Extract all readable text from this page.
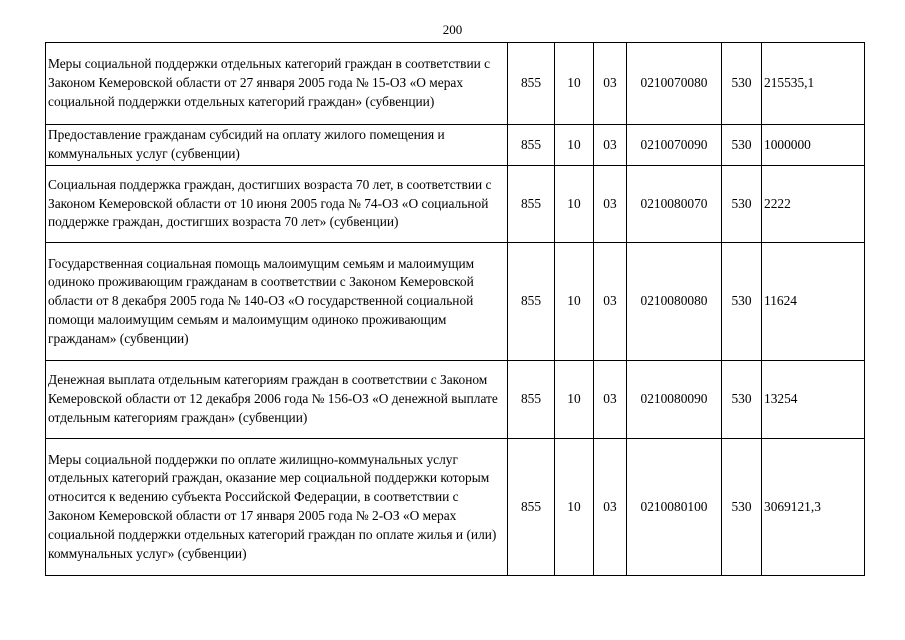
200
Меры социальной поддержки отдельных категорий граждан в соответствии с Законом Кемеровской области от 27 января 2005 года № 15-ОЗ «О мерах социальной поддержки отдельных категорий граждан» (субвенции)	855	10	03	0210070080	530	215535,1
Предоставление гражданам субсидий на оплату жилого помещения и коммунальных услуг (субвенции)	855	10	03	0210070090	530	1000000
Социальная поддержка граждан, достигших возраста 70 лет, в соответствии с Законом Кемеровской области от 10 июня 2005 года № 74-ОЗ «О социальной поддержке граждан, достигших возраста 70 лет» (субвенции)	855	10	03	0210080070	530	2222
Государственная социальная помощь малоимущим семьям и малоимущим одиноко проживающим гражданам в соответствии с Законом Кемеровской области от 8 декабря 2005 года № 140-ОЗ «О государственной социальной помощи малоимущим семьям и малоимущим одиноко проживающим гражданам» (субвенции)	855	10	03	0210080080	530	11624
Денежная выплата отдельным категориям граждан в соответствии с Законом Кемеровской области от 12 декабря 2006 года № 156-ОЗ «О денежной выплате отдельным категориям граждан» (субвенции)	855	10	03	0210080090	530	13254
Меры социальной поддержки по оплате жилищно-коммунальных услуг отдельных категорий граждан, оказание мер социальной поддержки которым относится к ведению субъекта Российской Федерации, в соответствии с Законом Кемеровской области от 17 января 2005 года № 2-ОЗ «О мерах социальной поддержки отдельных категорий граждан по оплате жилья и (или) коммунальных услуг» (субвенции)	855	10	03	0210080100	530	3069121,3
